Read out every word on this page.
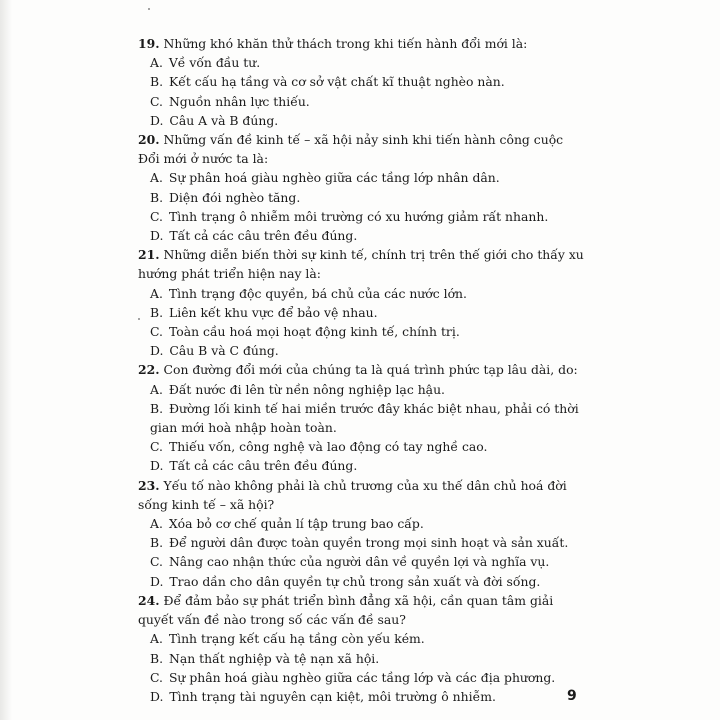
19. Những khó khăn thử thách trong khi tiến hành đổi mới là:

A. Về vốn đầu tư.

B. Kết cấu hạ tầng và cơ sở vật chất kĩ thuật nghèo nàn.

C. Nguồn nhân lực thiếu.

D. Câu A và B đúng.

20. Những vấn đề kinh tế – xã hội nảy sinh khi tiến hành công cuộc Đổi mới ở nước ta là:

A. Sự phân hoá giàu nghèo giữa các tầng lớp nhân dân.

B. Diện đói nghèo tăng.

C. Tình trạng ô nhiễm môi trường có xu hướng giảm rất nhanh.

D. Tất cả các câu trên đều đúng.

21. Những diễn biến thời sự kinh tế, chính trị trên thế giới cho thấy xu hướng phát triển hiện nay là:

A. Tình trạng độc quyền, bá chủ của các nước lớn.

B. Liên kết khu vực để bảo vệ nhau.

C. Toàn cầu hoá mọi hoạt động kinh tế, chính trị.

D. Câu B và C đúng.

22. Con đường đổi mới của chúng ta là quá trình phức tạp lâu dài, do:

A. Đất nước đi lên từ nền nông nghiệp lạc hậu.

B. Đường lối kinh tế hai miền trước đây khác biệt nhau, phải có thời gian mới hoà nhập hoàn toàn.

C. Thiếu vốn, công nghệ và lao động có tay nghề cao.

D. Tất cả các câu trên đều đúng.

23. Yếu tố nào không phải là chủ trương của xu thế dân chủ hoá đời sống kinh tế – xã hội?

A. Xóa bỏ cơ chế quản lí tập trung bao cấp.

B. Để người dân được toàn quyền trong mọi sinh hoạt và sản xuất.

C. Nâng cao nhận thức của người dân về quyền lợi và nghĩa vụ.

D. Trao dần cho dân quyền tự chủ trong sản xuất và đời sống.

24. Để đảm bảo sự phát triển bình đẳng xã hội, cần quan tâm giải quyết vấn đề nào trong số các vấn đề sau?

A. Tình trạng kết cấu hạ tầng còn yếu kém.

B. Nạn thất nghiệp và tệ nạn xã hội.

C. Sự phân hoá giàu nghèo giữa các tầng lớp và các địa phương.

D. Tình trạng tài nguyên cạn kiệt, môi trường ô nhiễm.	9
